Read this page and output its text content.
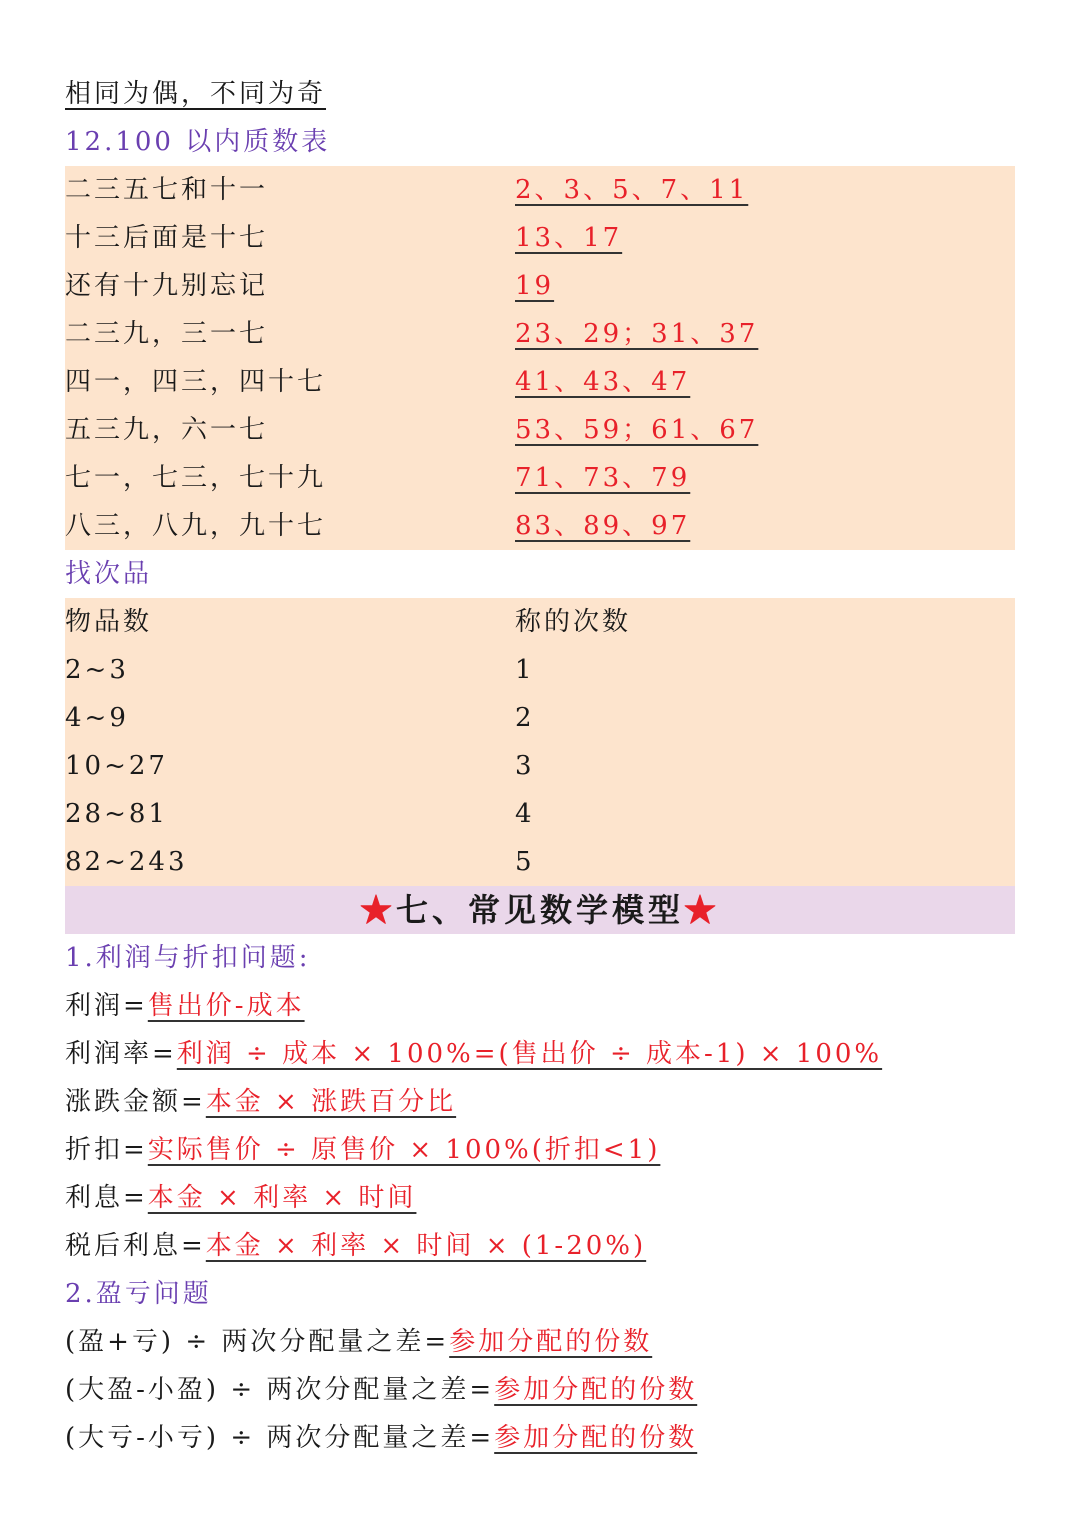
相同为偶，不同为奇
12.100 以内质数表
二三五七和十一	2、3、5、7、11
十三后面是十七	13、17
还有十九别忘记	19
二三九，三一七	23、29；31、37
四一，四三，四十七	41、43、47
五三九，六一七	53、59；61、67
七一，七三，七十九	71、73、79
八三，八九，九十七	83、89、97
找次品
物品数	称的次数
2~3	1
4~9	2
10~27	3
28~81	4
82~243	5
★七、常见数学模型★
1.利润与折扣问题:
利润=售出价-成本
利润率=利润 ÷ 成本 × 100%=(售出价 ÷ 成本-1) × 100%
涨跌金额=本金 × 涨跌百分比
折扣=实际售价 ÷ 原售价 × 100%(折扣<1)
利息=本金 × 利率 × 时间
税后利息=本金 × 利率 × 时间 × (1-20%)
2.盈亏问题
(盈+亏) ÷ 两次分配量之差=参加分配的份数
(大盈-小盈) ÷ 两次分配量之差=参加分配的份数
(大亏-小亏) ÷ 两次分配量之差=参加分配的份数
